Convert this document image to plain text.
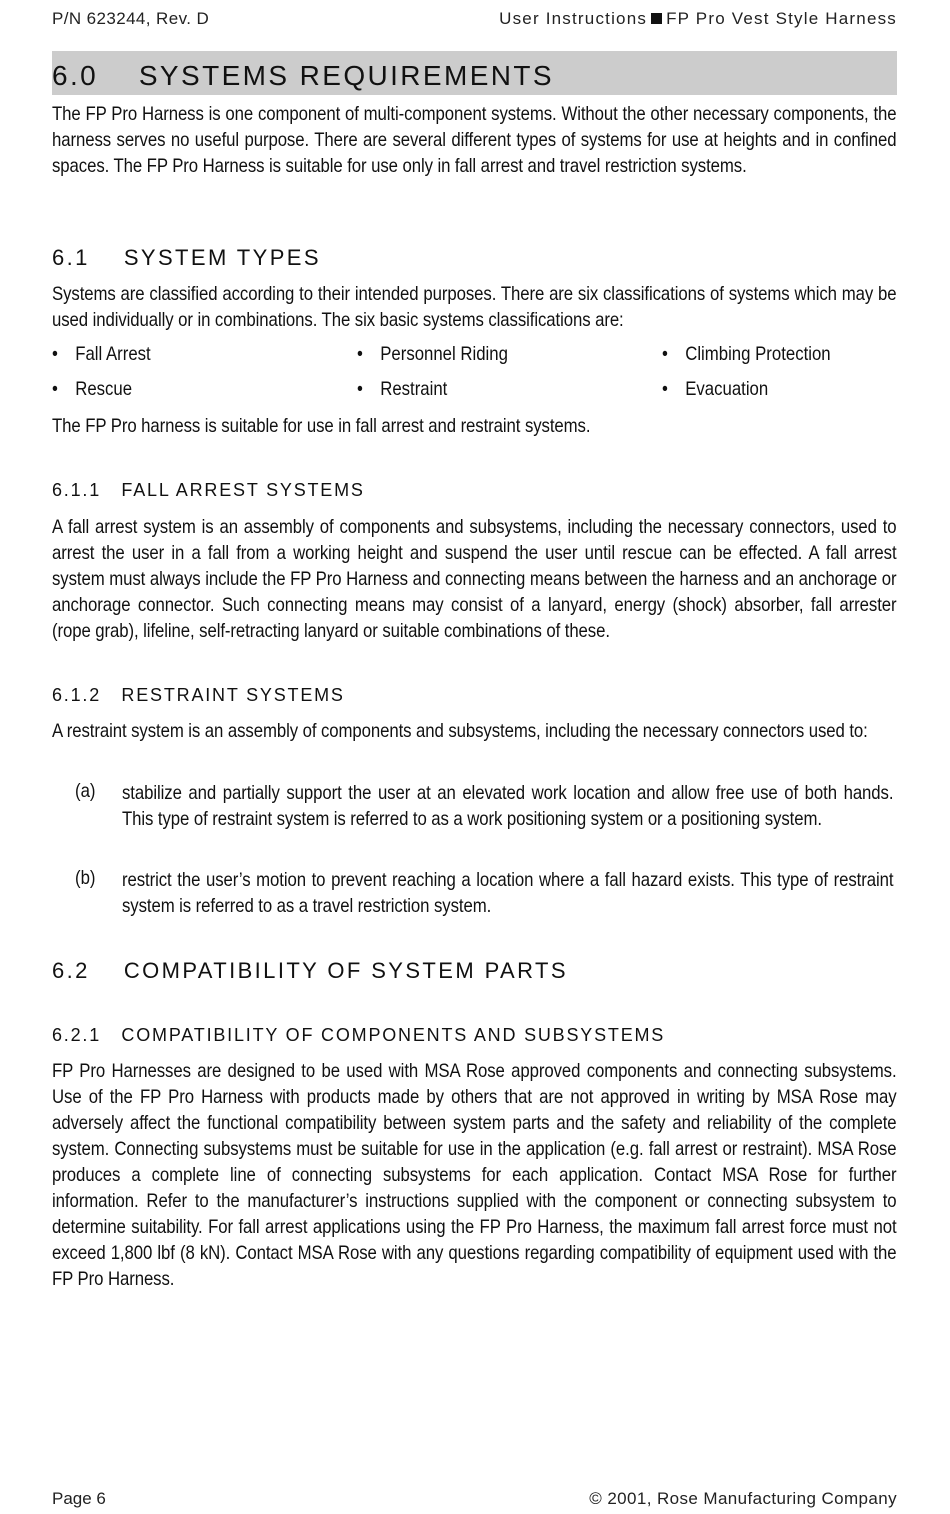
P/N 623244, Rev. D	User Instructions FP Pro Vest Style Harness
6.0    SYSTEMS REQUIREMENTS
The FP Pro Harness is one component of multi-component systems. Without the other necessary components, the harness serves no useful purpose. There are several different types of systems for use at heights and in confined spaces. The FP Pro Harness is suitable for use only in fall arrest and travel restriction systems.
6.1    SYSTEM TYPES
Systems are classified according to their intended purposes. There are six classifications of systems which may be used individually or in combinations. The six basic systems classifications are:
• Fall Arrest	• Personnel Riding	• Climbing Protection
• Rescue	• Restraint	• Evacuation
The FP Pro harness is suitable for use in fall arrest and restraint systems.
6.1.1   FALL ARREST SYSTEMS
A fall arrest system is an assembly of components and subsystems, including the necessary connectors, used to arrest the user in a fall from a working height and suspend the user until rescue can be effected. A fall arrest system must always include the FP Pro Harness and connecting means between the harness and an anchorage or anchorage connector. Such connecting means may consist of a lanyard, energy (shock) absorber, fall arrester (rope grab), lifeline, self-retracting lanyard or suitable combinations of these.
6.1.2   RESTRAINT SYSTEMS
A restraint system is an assembly of components and subsystems, including the necessary connectors used to:
(a) stabilize and partially support the user at an elevated work location and allow free use of both hands. This type of restraint system is referred to as a work positioning system or a positioning system.
(b) restrict the user’s motion to prevent reaching a location where a fall hazard exists. This type of restraint system is referred to as a travel restriction system.
6.2    COMPATIBILITY OF SYSTEM PARTS
6.2.1   COMPATIBILITY OF COMPONENTS AND SUBSYSTEMS
FP Pro Harnesses are designed to be used with MSA Rose approved components and connecting subsystems. Use of the FP Pro Harness with products made by others that are not approved in writing by MSA Rose may adversely affect the functional compatibility between system parts and the safety and reliability of the complete system. Connecting subsystems must be suitable for use in the application (e.g. fall arrest or restraint). MSA Rose produces a complete line of connecting subsystems for each application. Contact MSA Rose for further information. Refer to the manufacturer’s instructions supplied with the component or connecting subsystem to determine suitability. For fall arrest applications using the FP Pro Harness, the maximum fall arrest force must not exceed 1,800 lbf (8 kN). Contact MSA Rose with any questions regarding compatibility of equipment used with the FP Pro Harness.
Page 6	© 2001, Rose Manufacturing Company
